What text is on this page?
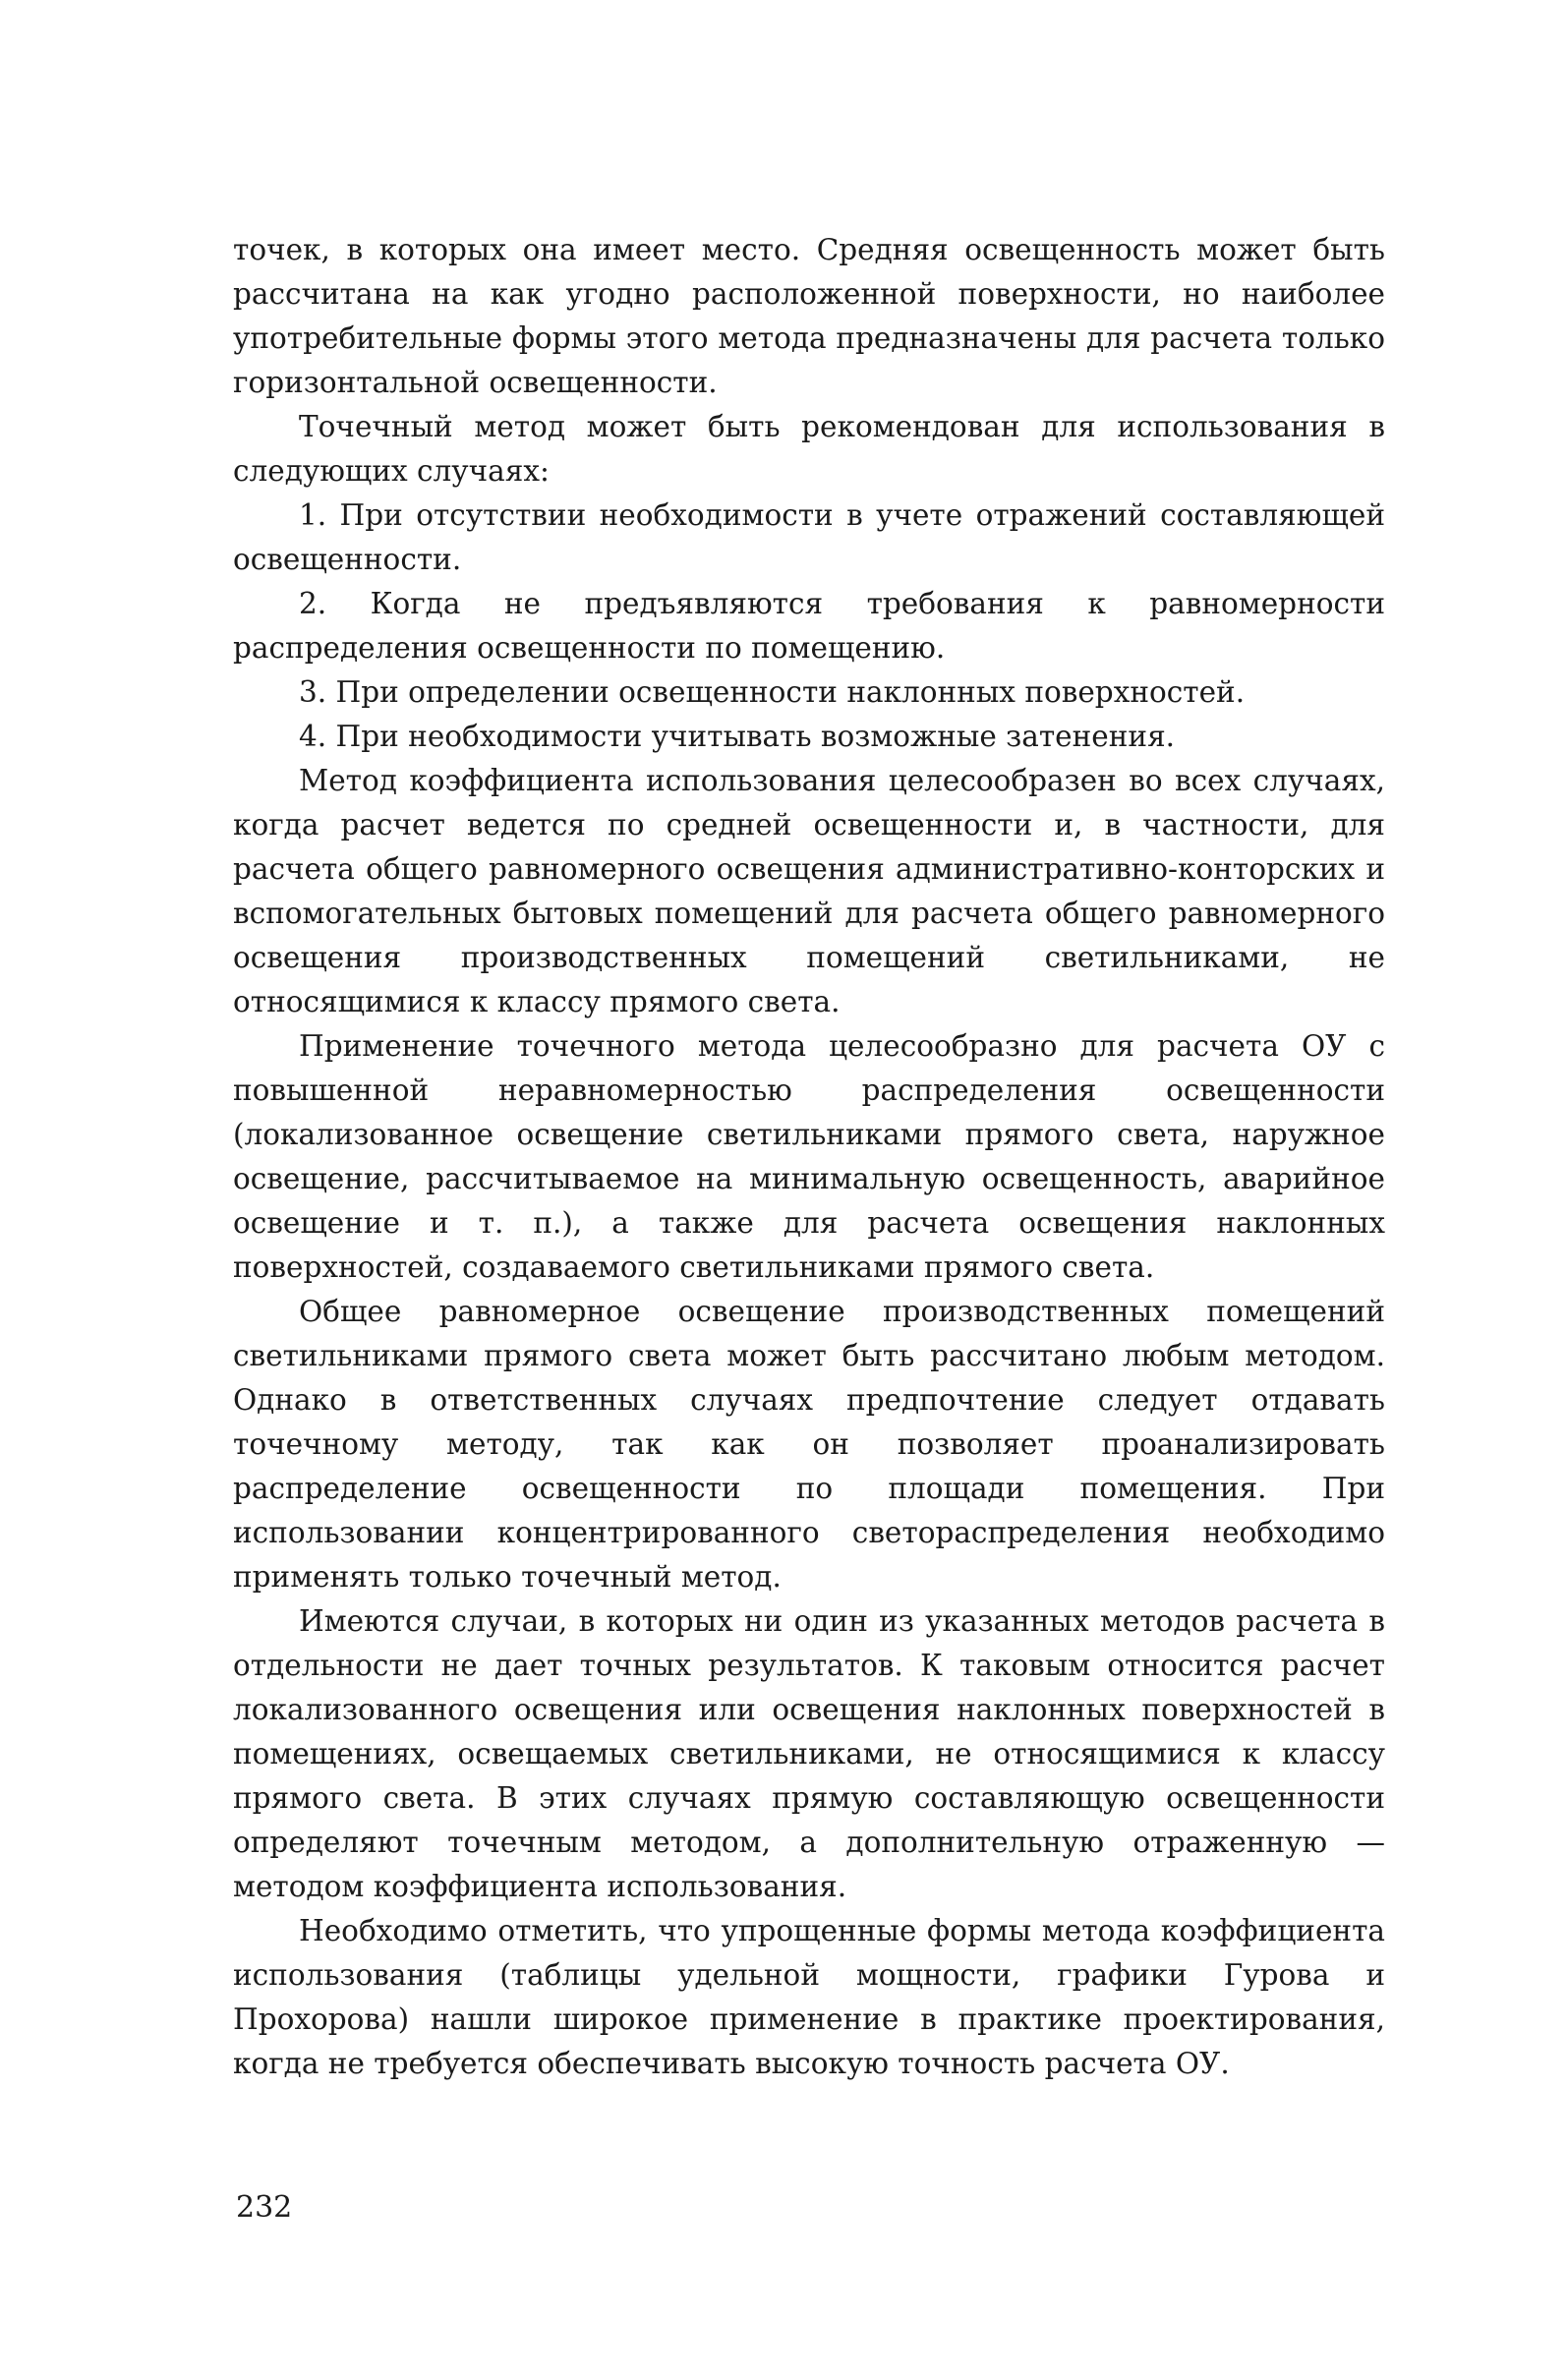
точек, в которых она имеет место. Средняя освещенность может быть рассчитана на как угодно расположенной поверхности, но наиболее употребительные формы этого метода предназначены для расчета только горизонтальной освещенности.

Точечный метод может быть рекомендован для использования в следующих случаях:

1. При отсутствии необходимости в учете отражений составляющей освещенности.

2. Когда не предъявляются требования к равномерности распределения освещенности по помещению.

3. При определении освещенности наклонных поверхностей.

4. При необходимости учитывать возможные затенения.

Метод коэффициента использования целесообразен во всех случаях, когда расчет ведется по средней освещенности и, в частности, для расчета общего равномерного освещения административно-конторских и вспомогательных бытовых помещений для расчета общего равномерного освещения производственных помещений светильниками, не относящимися к классу прямого света.

Применение точечного метода целесообразно для расчета ОУ с повышенной неравномерностью распределения освещенности (локализованное освещение светильниками прямого света, наружное освещение, рассчитываемое на минимальную освещенность, аварийное освещение и т. п.), а также для расчета освещения наклонных поверхностей, создаваемого светильниками прямого света.

Общее равномерное освещение производственных помещений светильниками прямого света может быть рассчитано любым методом. Однако в ответственных случаях предпочтение следует отдавать точечному методу, так как он позволяет проанализировать распределение освещенности по площади помещения. При использовании концентрированного светораспределения необходимо применять только точечный метод.

Имеются случаи, в которых ни один из указанных методов расчета в отдельности не дает точных результатов. К таковым относится расчет локализованного освещения или освещения наклонных поверхностей в помещениях, освещаемых светильниками, не относящимися к классу прямого света. В этих случаях прямую составляющую освещенности определяют точечным методом, а дополнительную отраженную — методом коэффициента использования.

Необходимо отметить, что упрощенные формы метода коэффициента использования (таблицы удельной мощности, графики Гурова и Прохорова) нашли широкое применение в практике проектирования, когда не требуется обеспечивать высокую точность расчета ОУ.

232
